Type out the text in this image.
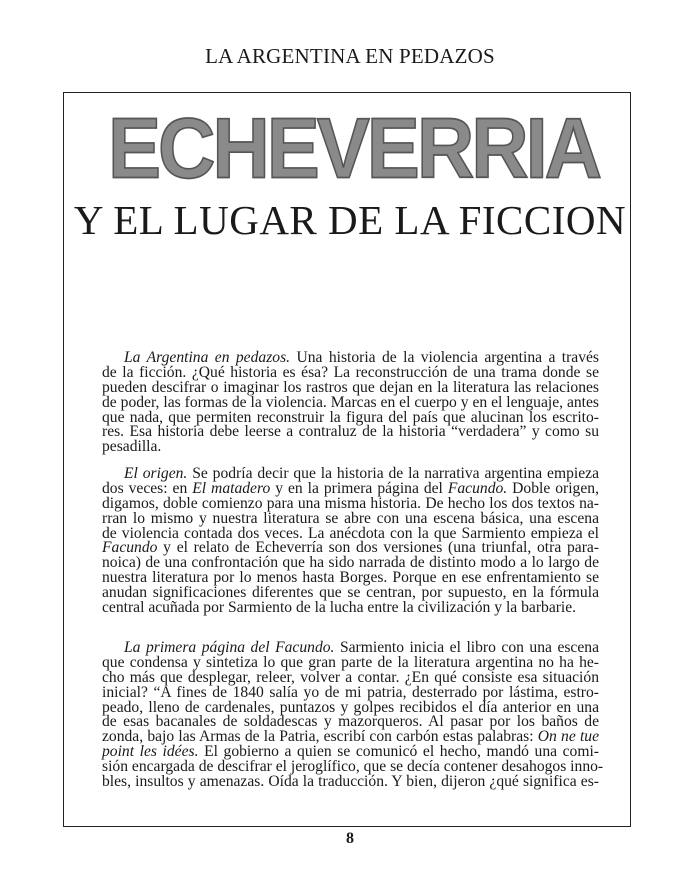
LA ARGENTINA EN PEDAZOS
ECHEVERRIA
Y EL LUGAR DE LA FICCION
La Argentina en pedazos. Una historia de la violencia argentina a través
de la ficción. ¿Qué historia es ésa? La reconstrucción de una trama donde se
pueden descifrar o imaginar los rastros que dejan en la literatura las relaciones
de poder, las formas de la violencia. Marcas en el cuerpo y en el lenguaje, antes
que nada, que permiten reconstruir la figura del país que alucinan los escrito-
res. Esa historia debe leerse a contraluz de la historia “verdadera” y como su
pesadilla.
El origen. Se podría decir que la historia de la narrativa argentina empieza
dos veces: en El matadero y en la primera página del Facundo. Doble origen,
digamos, doble comienzo para una misma historia. De hecho los dos textos na-
rran lo mismo y nuestra literatura se abre con una escena básica, una escena
de violencia contada dos veces. La anécdota con la que Sarmiento empieza el
Facundo y el relato de Echeverría son dos versiones (una triunfal, otra para-
noica) de una confrontación que ha sido narrada de distinto modo a lo largo de
nuestra literatura por lo menos hasta Borges. Porque en ese enfrentamiento se
anudan significaciones diferentes que se centran, por supuesto, en la fórmula
central acuñada por Sarmiento de la lucha entre la civilización y la barbarie.
La primera página del Facundo. Sarmiento inicia el libro con una escena
que condensa y sintetiza lo que gran parte de la literatura argentina no ha he-
cho más que desplegar, releer, volver a contar. ¿En qué consiste esa situación
inicial? “A fines de 1840 salía yo de mi patria, desterrado por lástima, estro-
peado, lleno de cardenales, puntazos y golpes recibidos el día anterior en una
de esas bacanales de soldadescas y mazorqueros. Al pasar por los baños de
zonda, bajo las Armas de la Patria, escribí con carbón estas palabras: On ne tue
point les idées. El gobierno a quien se comunicó el hecho, mandó una comi-
sión encargada de descifrar el jeroglífico, que se decía contener desahogos inno-
bles, insultos y amenazas. Oída la traducción. Y bien, dijeron ¿qué significa es-
8
